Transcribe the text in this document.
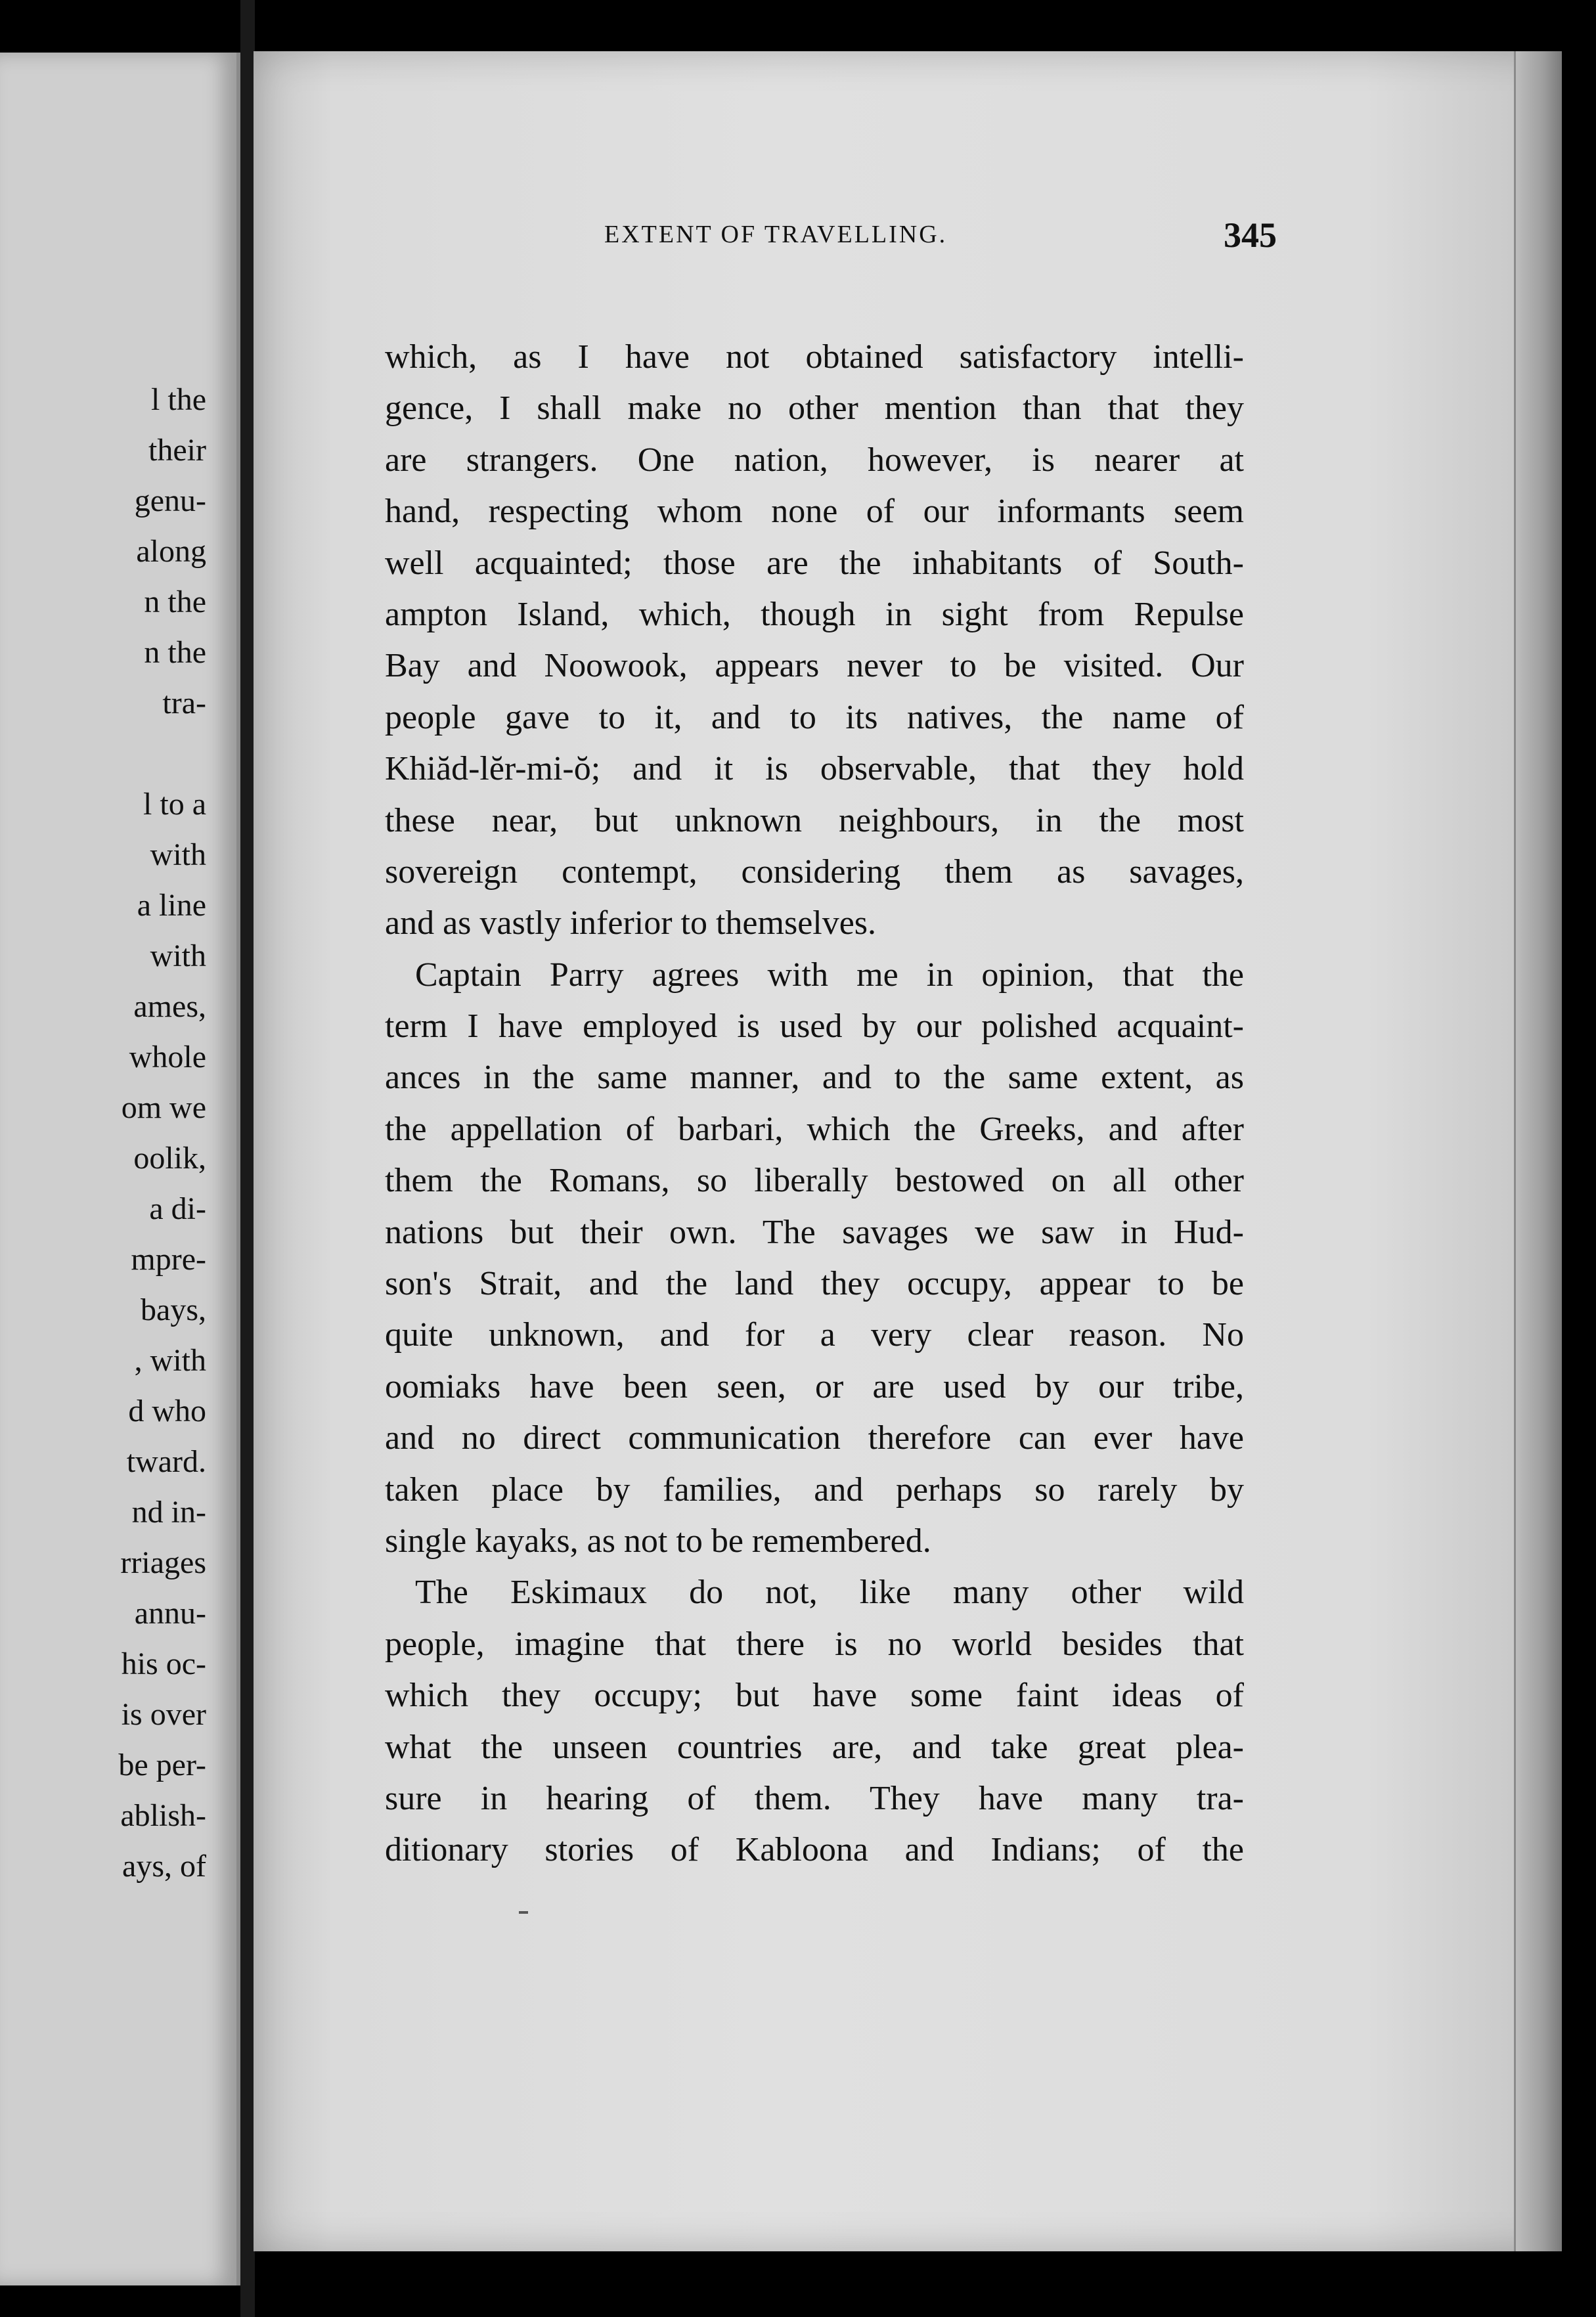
l the
their
genu-
along
n the
n the
tra-

l to a
with
a line
with
ames,
whole
om we
oolik,
a di-
mpre-
bays,
, with
d who
tward.
nd in-
rriages
annu-
his oc-
is over
be per-
ablish-
ays, of
EXTENT OF TRAVELLING.	345
which, as I have not obtained satisfactory intelli-
gence, I shall make no other mention than that they
are strangers. One nation, however, is nearer at
hand, respecting whom none of our informants seem
well acquainted; those are the inhabitants of South-
ampton Island, which, though in sight from Repulse
Bay and Noowook, appears never to be visited. Our
people gave to it, and to its natives, the name of
Khiăd-lĕr-mi-ŏ; and it is observable, that they hold
these near, but unknown neighbours, in the most
sovereign contempt, considering them as savages,
and as vastly inferior to themselves.
Captain Parry agrees with me in opinion, that the
term I have employed is used by our polished acquaint-
ances in the same manner, and to the same extent, as
the appellation of barbari, which the Greeks, and after
them the Romans, so liberally bestowed on all other
nations but their own. The savages we saw in Hud-
son's Strait, and the land they occupy, appear to be
quite unknown, and for a very clear reason. No
oomiaks have been seen, or are used by our tribe,
and no direct communication therefore can ever have
taken place by families, and perhaps so rarely by
single kayaks, as not to be remembered.
The Eskimaux do not, like many other wild
people, imagine that there is no world besides that
which they occupy; but have some faint ideas of
what the unseen countries are, and take great plea-
sure in hearing of them. They have many tra-
ditionary stories of Kabloona and Indians; of the
